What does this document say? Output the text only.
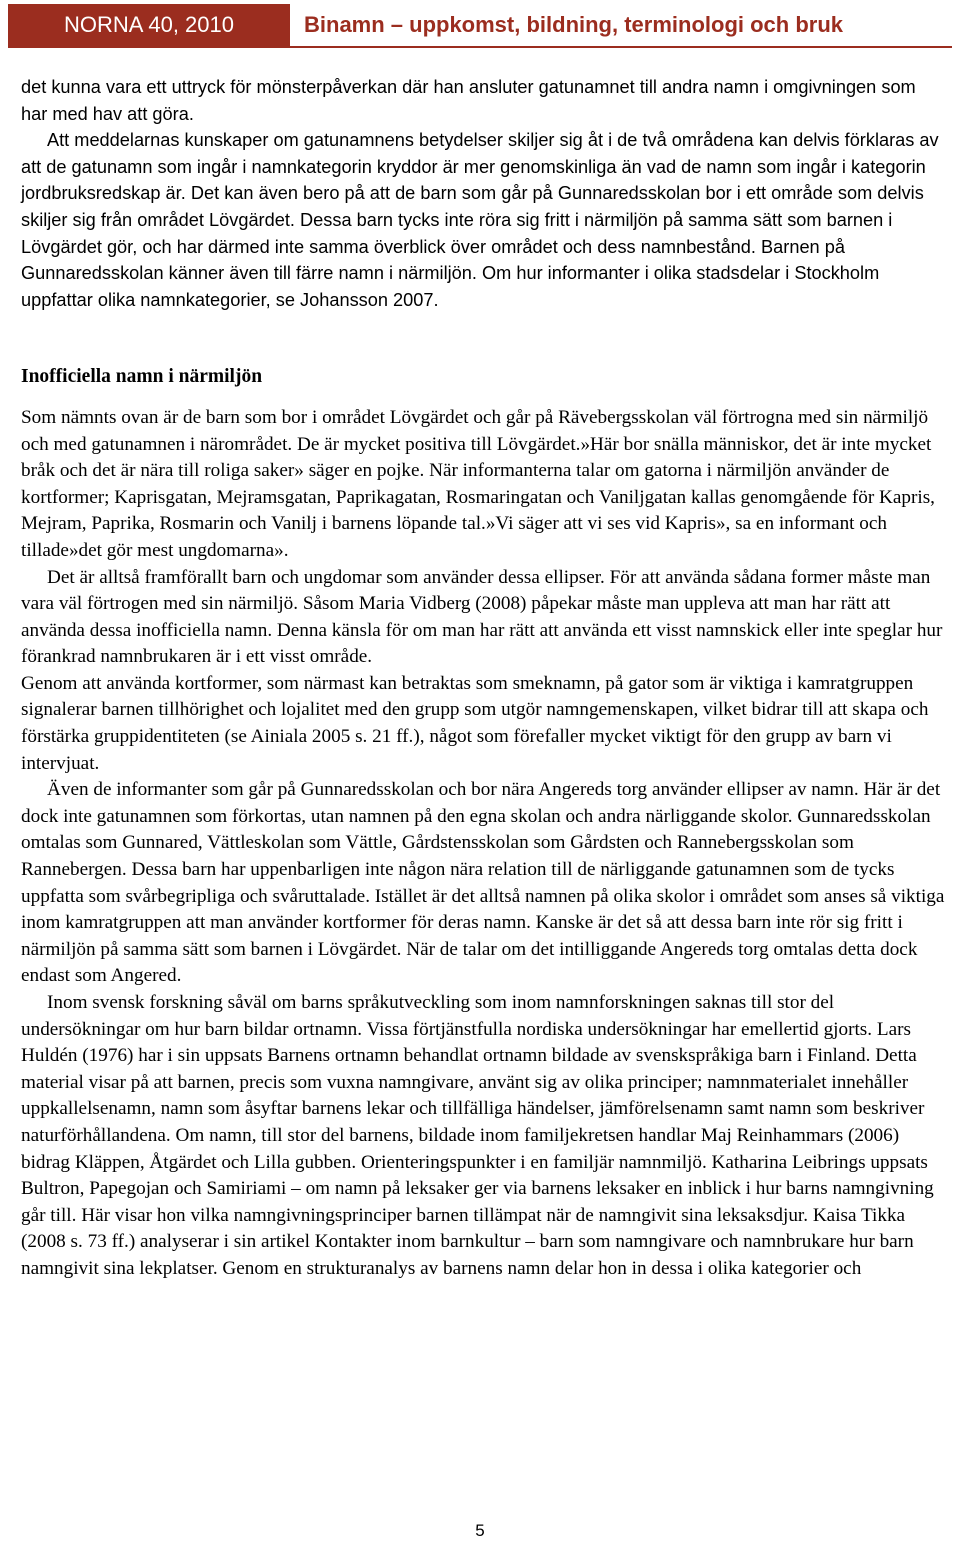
NORNA 40, 2010	Binamn – uppkomst, bildning, terminologi och bruk

det kunna vara ett uttryck för mönsterpåverkan där han ansluter gatunamnet till andra namn i omgivningen som har med hav att göra.

Att meddelarnas kunskaper om gatunamnens betydelser skiljer sig åt i de två områdena kan delvis förklaras av att de gatunamn som ingår i namnkategorin kryddor är mer genomskinliga än vad de namn som ingår i kategorin jordbruksredskap är. Det kan även bero på att de barn som går på Gunnaredsskolan bor i ett område som delvis skiljer sig från området Lövgärdet. Dessa barn tycks inte röra sig fritt i närmiljön på samma sätt som barnen i Lövgärdet gör, och har därmed inte samma överblick över området och dess namnbestånd. Barnen på Gunnaredsskolan känner även till färre namn i närmiljön. Om hur informanter i olika stadsdelar i Stockholm uppfattar olika namnkategorier, se Johansson 2007.

Inofficiella namn i närmiljön

Som nämnts ovan är de barn som bor i området Lövgärdet och går på Rävebergsskolan väl förtrogna med sin närmiljö och med gatunamnen i närområdet. De är mycket positiva till Lövgärdet.»Här bor snälla människor, det är inte mycket bråk och det är nära till roliga saker» säger en pojke. När informanterna talar om gatorna i närmiljön använder de kortformer; Kaprisgatan, Mejramsgatan, Paprikagatan, Rosmaringatan och Vaniljgatan kallas genomgående för Kapris, Mejram, Paprika, Rosmarin och Vanilj i barnens löpande tal.»Vi säger att vi ses vid Kapris», sa en informant och tillade»det gör mest ungdomarna».

Det är alltså framförallt barn och ungdomar som använder dessa ellipser. För att använda sådana former måste man vara väl förtrogen med sin närmiljö. Såsom Maria Vidberg (2008) påpekar måste man uppleva att man har rätt att använda dessa inofficiella namn. Denna känsla för om man har rätt att använda ett visst namnskick eller inte speglar hur förankrad namnbrukaren är i ett visst område.

Genom att använda kortformer, som närmast kan betraktas som smeknamn, på gator som är viktiga i kamratgruppen signalerar barnen tillhörighet och lojalitet med den grupp som utgör namngemenskapen, vilket bidrar till att skapa och förstärka gruppidentiteten (se Ainiala 2005 s. 21 ff.), något som förefaller mycket viktigt för den grupp av barn vi intervjuat.

Även de informanter som går på Gunnaredsskolan och bor nära Angereds torg använder ellipser av namn. Här är det dock inte gatunamnen som förkortas, utan namnen på den egna skolan och andra närliggande skolor. Gunnaredsskolan omtalas som Gunnared, Vättleskolan som Vättle, Gårdstensskolan som Gårdsten och Rannebergsskolan som Rannebergen. Dessa barn har uppenbarligen inte någon nära relation till de närliggande gatunamnen som de tycks uppfatta som svårbegripliga och svåruttalade. Istället är det alltså namnen på olika skolor i området som anses så viktiga inom kamratgruppen att man använder kortformer för deras namn. Kanske är det så att dessa barn inte rör sig fritt i närmiljön på samma sätt som barnen i Lövgärdet. När de talar om det intilliggande Angereds torg omtalas detta dock endast som Angered.

Inom svensk forskning såväl om barns språkutveckling som inom namnforskningen saknas till stor del undersökningar om hur barn bildar ortnamn. Vissa förtjänstfulla nordiska undersökningar har emellertid gjorts. Lars Huldén (1976) har i sin uppsats Barnens ortnamn behandlat ortnamn bildade av svenskspråkiga barn i Finland. Detta material visar på att barnen, precis som vuxna namngivare, använt sig av olika principer; namnmaterialet innehåller uppkallelsenamn, namn som åsyftar barnens lekar och tillfälliga händelser, jämförelsenamn samt namn som beskriver naturförhållandena. Om namn, till stor del barnens, bildade inom familjekretsen handlar Maj Reinhammars (2006) bidrag Kläppen, Åtgärdet och Lilla gubben. Orienteringspunkter i en familjär namnmiljö. Katharina Leibrings uppsats Bultron, Papegojan och Samiriami – om namn på leksaker ger via barnens leksaker en inblick i hur barns namngivning går till. Här visar hon vilka namngivningsprinciper barnen tillämpat när de namngivit sina leksaksdjur. Kaisa Tikka (2008 s. 73 ff.) analyserar i sin artikel Kontakter inom barnkultur – barn som namngivare och namnbrukare hur barn namngivit sina lekplatser. Genom en strukturanalys av barnens namn delar hon in dessa i olika kategorier och

5
